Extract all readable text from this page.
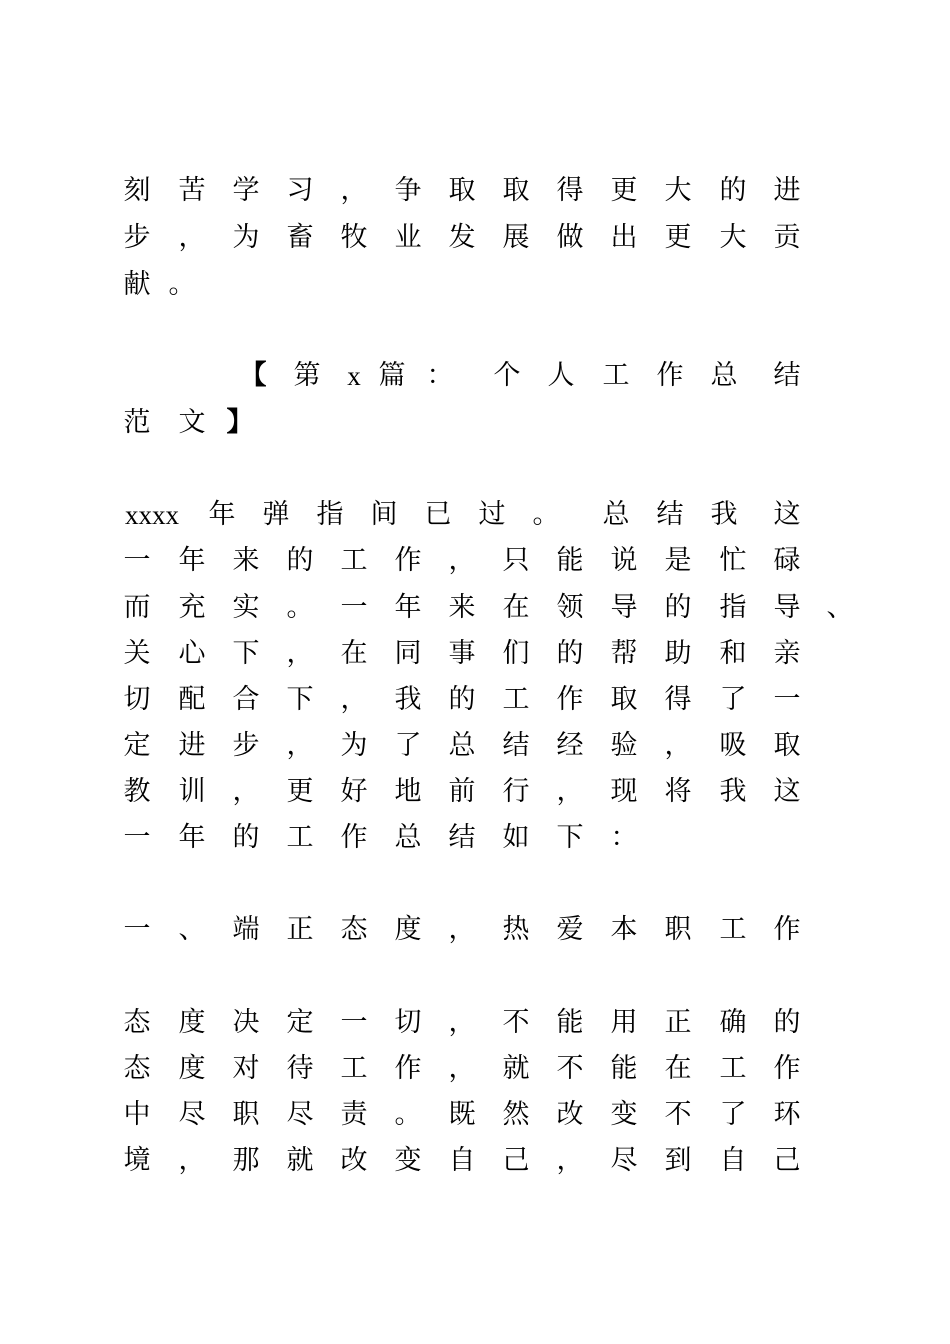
刻 苦 学 习 ， 争 取 取 得 更 大 的 进
步 ， 为 畜 牧 业 发 展 做 出 更 大 贡
献 。
【 第 x 篇 ： 个 人 工 作 总 结
范 文 】
xxxx 年 弹 指 间 已 过 。 总 结 我 这
一 年 来 的 工 作 ， 只 能 说 是 忙 碌
而 充 实 。 一 年 来 在 领 导 的 指 导 、
关 心 下 ， 在 同 事 们 的 帮 助 和 亲
切 配 合 下 ， 我 的 工 作 取 得 了 一
定 进 步 ， 为 了 总 结 经 验 ， 吸 取
教 训 ， 更 好 地 前 行 ， 现 将 我 这
一 年 的 工 作 总 结 如 下 ：
一 、 端 正 态 度 ， 热 爱 本 职 工 作
态 度 决 定 一 切 ， 不 能 用 正 确 的
态 度 对 待 工 作 ， 就 不 能 在 工 作
中 尽 职 尽 责 。 既 然 改 变 不 了 环
境 ， 那 就 改 变 自 己 ， 尽 到 自 己
